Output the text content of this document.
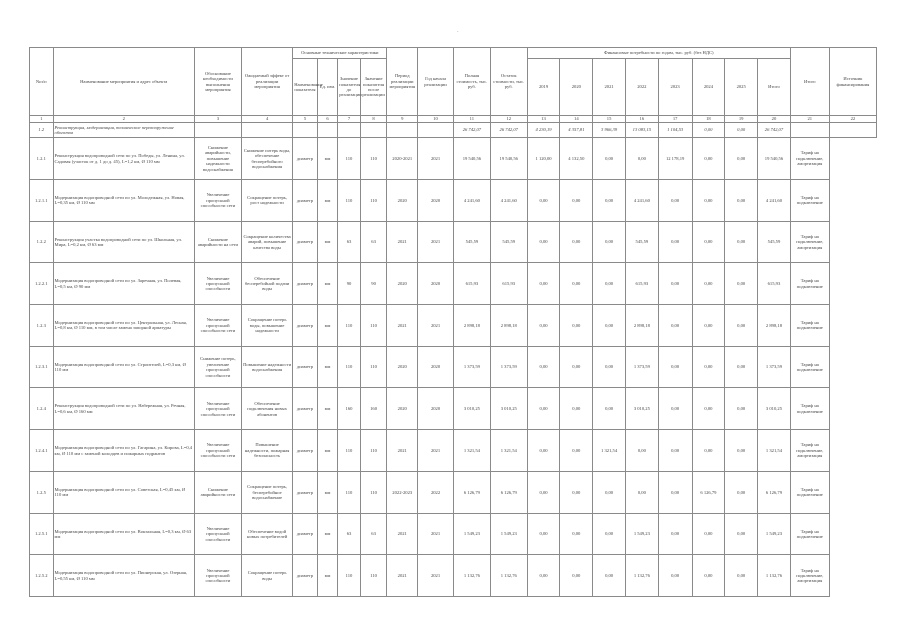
`
№п/п	Наименование мероприятия и адрес объекта	Обоснование необходимости выполнения мероприятия	Ожидаемый эффект от реализации мероприятия	Основные технические характеристики				Период реализации мероприятия	Год начала реализации	Полная стоимость, тыс. руб.	Остаток стоимости, тыс. руб.	Финансовые потребности по годам, тыс. руб. (без НДС)								Итого	Источник финансирования
				Наименование показателя	Ед. изм.	Значение показателя до реализации	Значение показателя после реализации					2019	2020	2021	2022	2023	2024	2025	Итого		
1	2	3	4	5	6	7	8	9	10	11	12	13	14	15	16	17	18	19	20	21	22
1.2	Реконструкция, модернизация, техническое перевооружение объектов									26 742,07	26 742,07	4 230,19	4 357,81	3 966,39	13 083,15	1 104,53	0,00	0,00	26 742,07		
1.2.1	Реконструкция водопроводной сети по ул. Победы, ул. Ленина, ул. Садовая (участок от д. 1 до д. 45), L=1,2 км, Ø 110 мм	Снижение аварийности, повышение надежности водоснабжения	Снижение потерь воды, обеспечение бесперебойного водоснабжения	диаметр	мм	110	110	2020-2021	2021	19 540,56	19 540,56	1 120,00	4 132,50	0,00	0,00	12 178,19	0,00	0,00	19 540,56	Тариф на подключение, амортизация	
1.2.1.1	Модернизация водопроводной сети по ул. Молодежная, ул. Новая, L=0,35 км, Ø 110 мм	Увеличение пропускной способности сети	Сокращение потерь, рост надежности	диаметр	мм	110	110	2020	2020	4 241,60	4 241,60	0,00	0,00	0,00	4 241,60	0,00	0,00	0,00	4 241,60	Тариф на подключение	
1.2.2	Реконструкция участка водопроводной сети по ул. Школьная, ул. Мира, L=0,2 км, Ø 63 мм	Снижение аварийности на сети	Сокращение количества аварий, повышение качества воды	диаметр	мм	63	63	2021	2021	545,59	545,59	0,00	0,00	0,00	545,59	0,00	0,00	0,00	545,59	Тариф на подключение, амортизация	
1.2.2.1	Модернизация водопроводной сети по ул. Заречная, ул. Полевая, L=0,5 км, Ø 90 мм	Увеличение пропускной способности	Обеспечение бесперебойной подачи воды	диаметр	мм	90	90	2020	2020	615,93	615,93	0,00	0,00	0,00	615,93	0,00	0,00	0,00	615,93	Тариф на подключение	
1.2.3	Модернизация водопроводной сети по ул. Центральная, ул. Лесная, L=0,8 км, Ø 110 мм, в том числе замена запорной арматуры	Увеличение пропускной способности сети	Сокращение потерь воды, повышение надежности	диаметр	мм	110	110	2021	2021	2 898,18	2 898,18	0,00	0,00	0,00	2 898,18	0,00	0,00	0,00	2 898,18	Тариф на подключение	
1.2.3.1	Модернизация водопроводной сети по ул. Строителей, L=0,3 км, Ø 110 мм	Снижение потерь, увеличение пропускной способности	Повышение надежности водоснабжения	диаметр	мм	110	110	2020	2020	1 373,59	1 373,59	0,00	0,00	0,00	1 373,59	0,00	0,00	0,00	1 373,59	Тариф на подключение	
1.2.4	Реконструкция водопроводной сети по ул. Набережная, ул. Речная, L=0,6 км, Ø 160 мм	Увеличение пропускной способности сети	Обеспечение подключения новых абонентов	диаметр	мм	160	160	2020	2020	3 010,25	3 010,25	0,00	0,00	0,00	3 010,25	0,00	0,00	0,00	3 010,25	Тариф на подключение	
1.2.4.1	Модернизация водопроводной сети по ул. Гагарина, ул. Кирова, L=0,4 км, Ø 110 мм с заменой колодцев и пожарных гидрантов	Увеличение пропускной способности сети	Повышение надежности, пожарная безопасность	диаметр	мм	110	110	2021	2021	1 321,54	1 321,54	0,00	0,00	1 321,54	0,00	0,00	0,00	0,00	1 321,54	Тариф на подключение, амортизация	
1.2.5	Модернизация водопроводной сети по ул. Советская, L=0,45 км, Ø 110 мм	Снижение аварийности сети	Сокращение потерь, бесперебойное водоснабжение	диаметр	мм	110	110	2022-2023	2022	6 126,79	6 126,79	0,00	0,00	0,00	0,00	0,00	6 126,79	0,00	6 126,79	Тариф на подключение	
1.2.5.1	Модернизация водопроводной сети по ул. Вокзальная, L=0,3 км, Ø 63 мм	Увеличение пропускной способности	Обеспечение водой новых потребителей	диаметр	мм	63	63	2021	2021	1 549,23	1 549,23	0,00	0,00	0,00	1 549,23	0,00	0,00	0,00	1 549,23	Тариф на подключение	
1.2.5.2	Модернизация водопроводной сети по ул. Пионерская, ул. Озерная, L=0,55 км, Ø 110 мм	Увеличение пропускной способности	Сокращение потерь воды	диаметр	мм	110	110	2021	2021	1 132,76	1 132,76	0,00	0,00	0,00	1 132,76	0,00	0,00	0,00	1 132,76	Тариф на подключение, амортизация	
